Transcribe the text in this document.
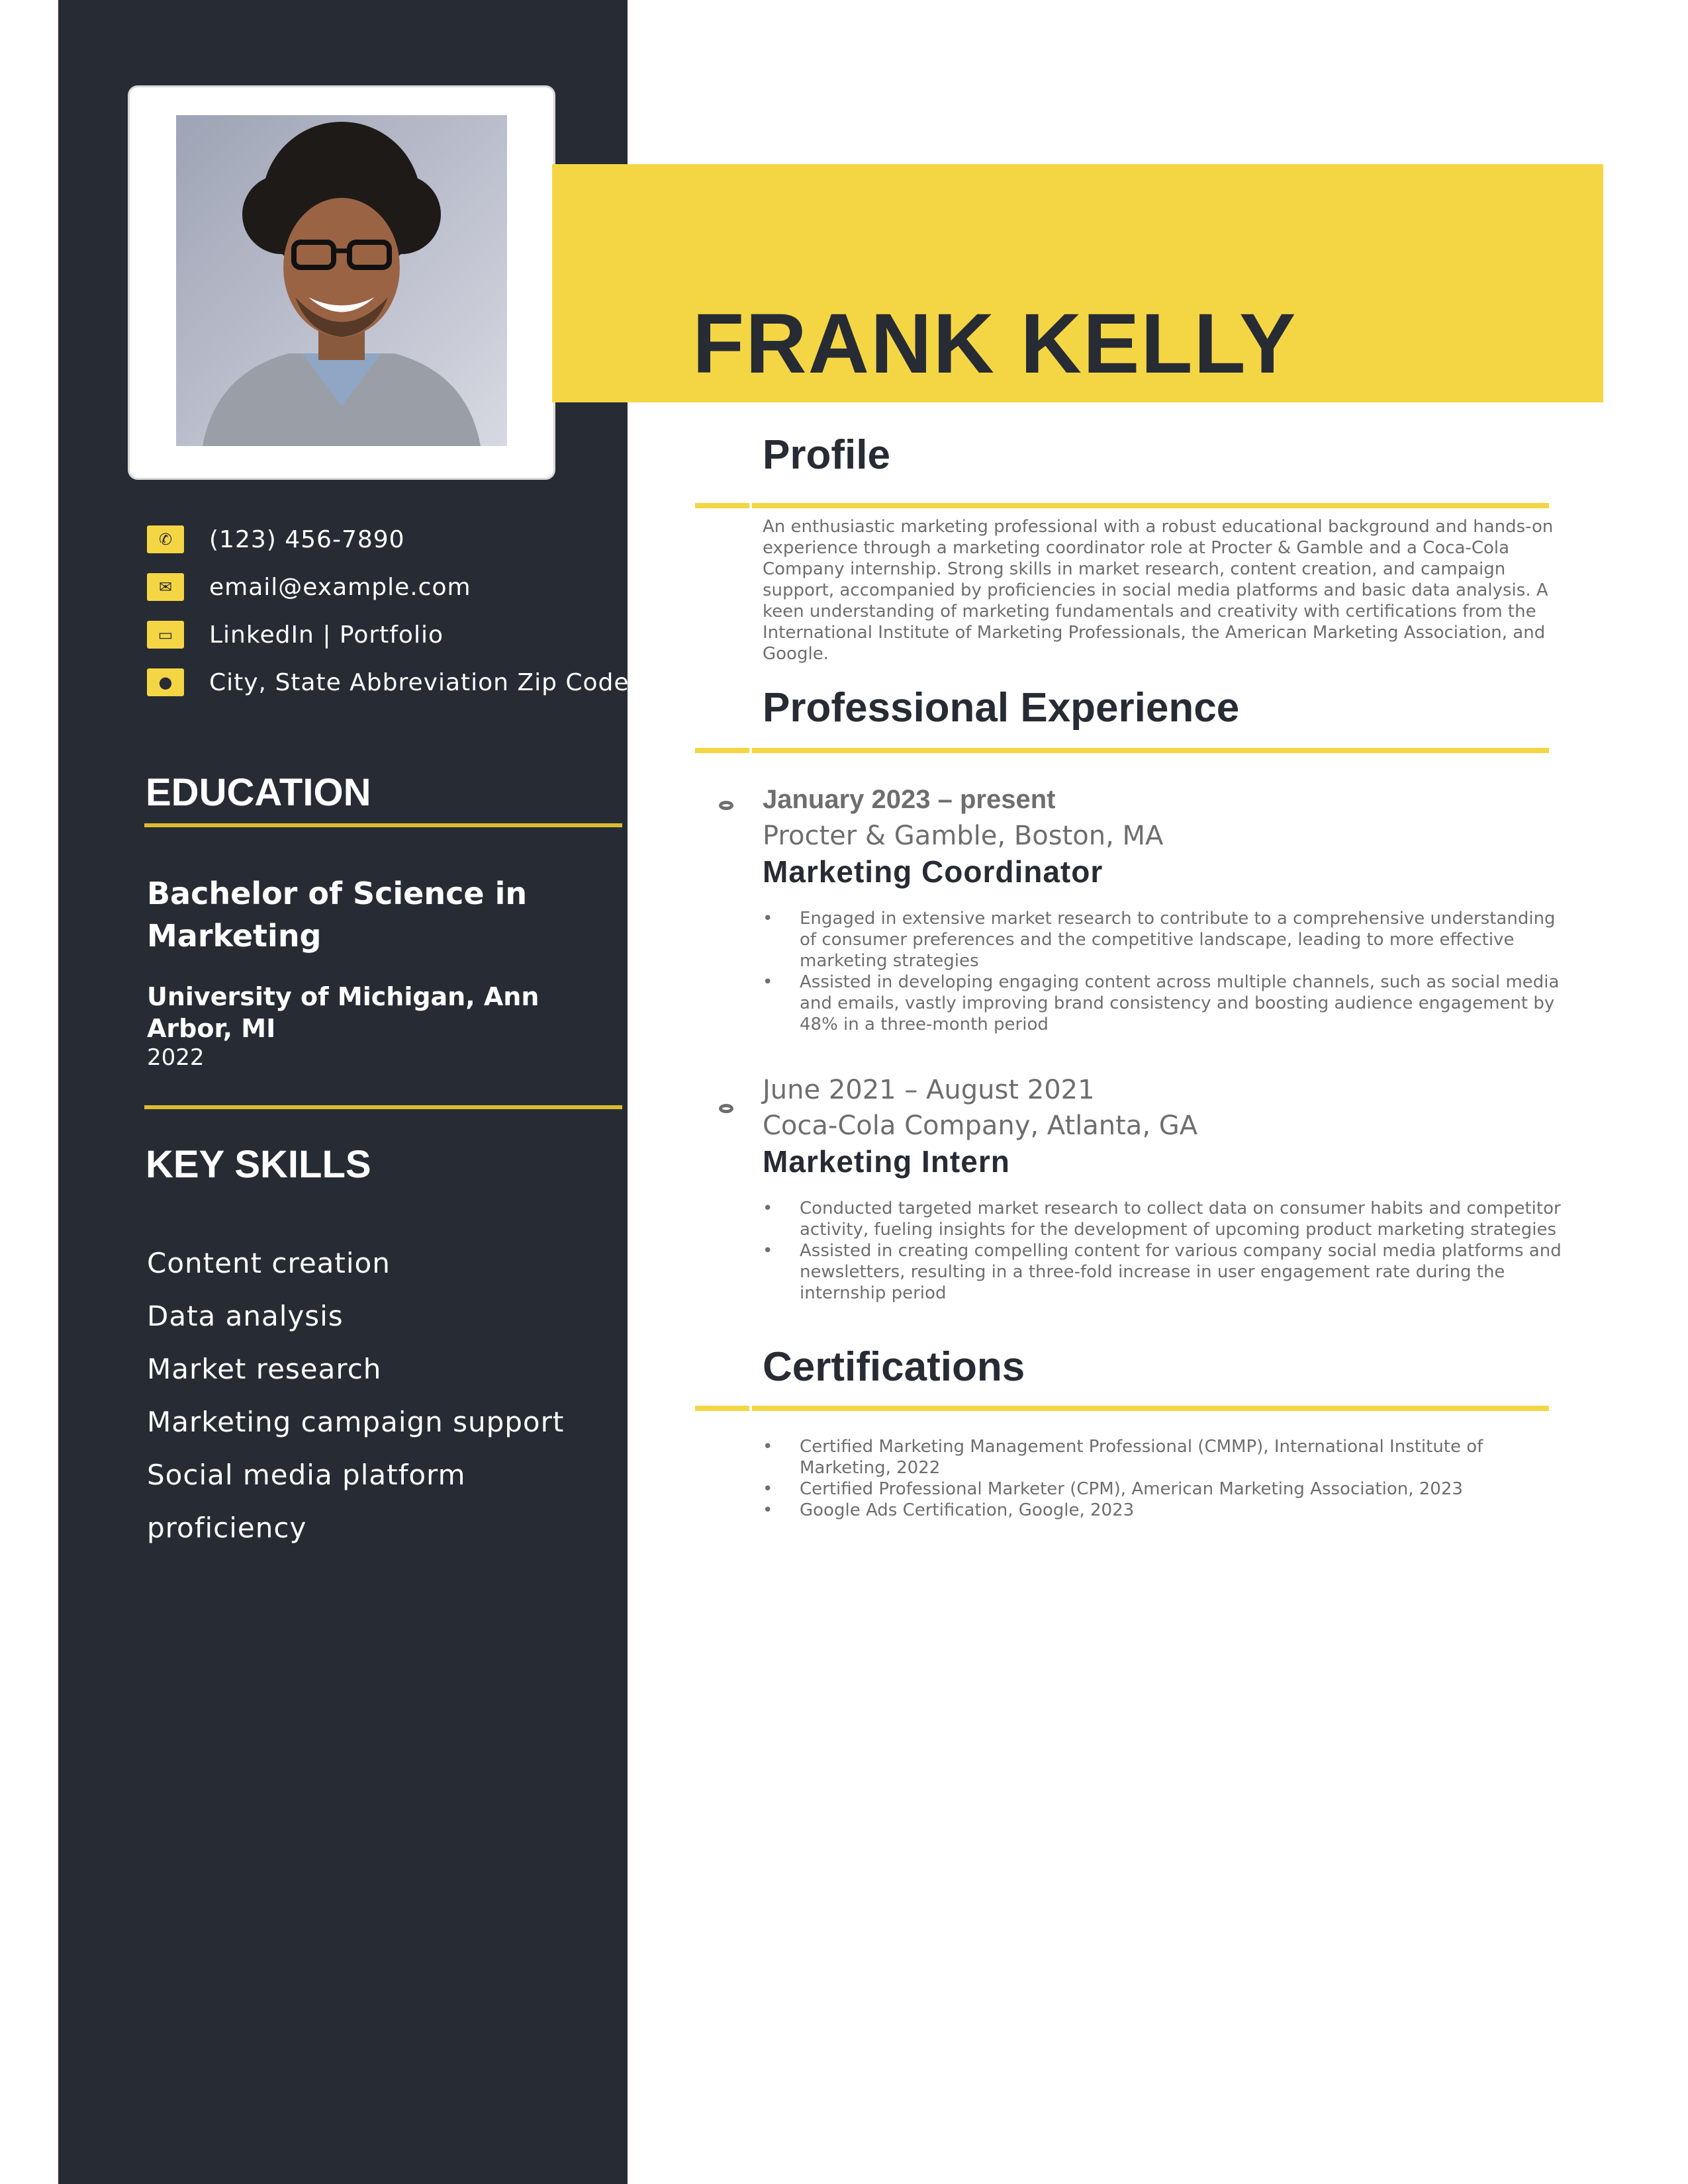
✆	(123) 456-7890
✉	email@example.com
▭	LinkedIn | Portfolio
●	City, State Abbreviation Zip Code
EDUCATION
Bachelor of Science in Marketing
University of Michigan, Ann Arbor, MI
2022
KEY SKILLS
Content creation
Data analysis
Market research
Marketing campaign support
Social media platform
proficiency
FRANK KELLY
Profile

An enthusiastic marketing professional with a robust educational background and hands-on experience through a marketing coordinator role at Procter & Gamble and a Coca-Cola Company internship. Strong skills in market research, content creation, and campaign support, accompanied by proficiencies in social media platforms and basic data analysis. A keen understanding of marketing fundamentals and creativity with certifications from the International Institute of Marketing Professionals, the American Marketing Association, and Google.

Professional Experience
January 2023 – present
Procter & Gamble, Boston, MA
Marketing Coordinator
• Engaged in extensive market research to contribute to a comprehensive understanding of consumer preferences and the competitive landscape, leading to more effective marketing strategies
• Assisted in developing engaging content across multiple channels, such as social media and emails, vastly improving brand consistency and boosting audience engagement by 48% in a three-month period
June 2021 – August 2021
Coca-Cola Company, Atlanta, GA
Marketing Intern
• Conducted targeted market research to collect data on consumer habits and competitor activity, fueling insights for the development of upcoming product marketing strategies
• Assisted in creating compelling content for various company social media platforms and newsletters, resulting in a three-fold increase in user engagement rate during the internship period
Certifications
• Certified Marketing Management Professional (CMMP), International Institute of Marketing, 2022
• Certified Professional Marketer (CPM), American Marketing Association, 2023
• Google Ads Certification, Google, 2023
